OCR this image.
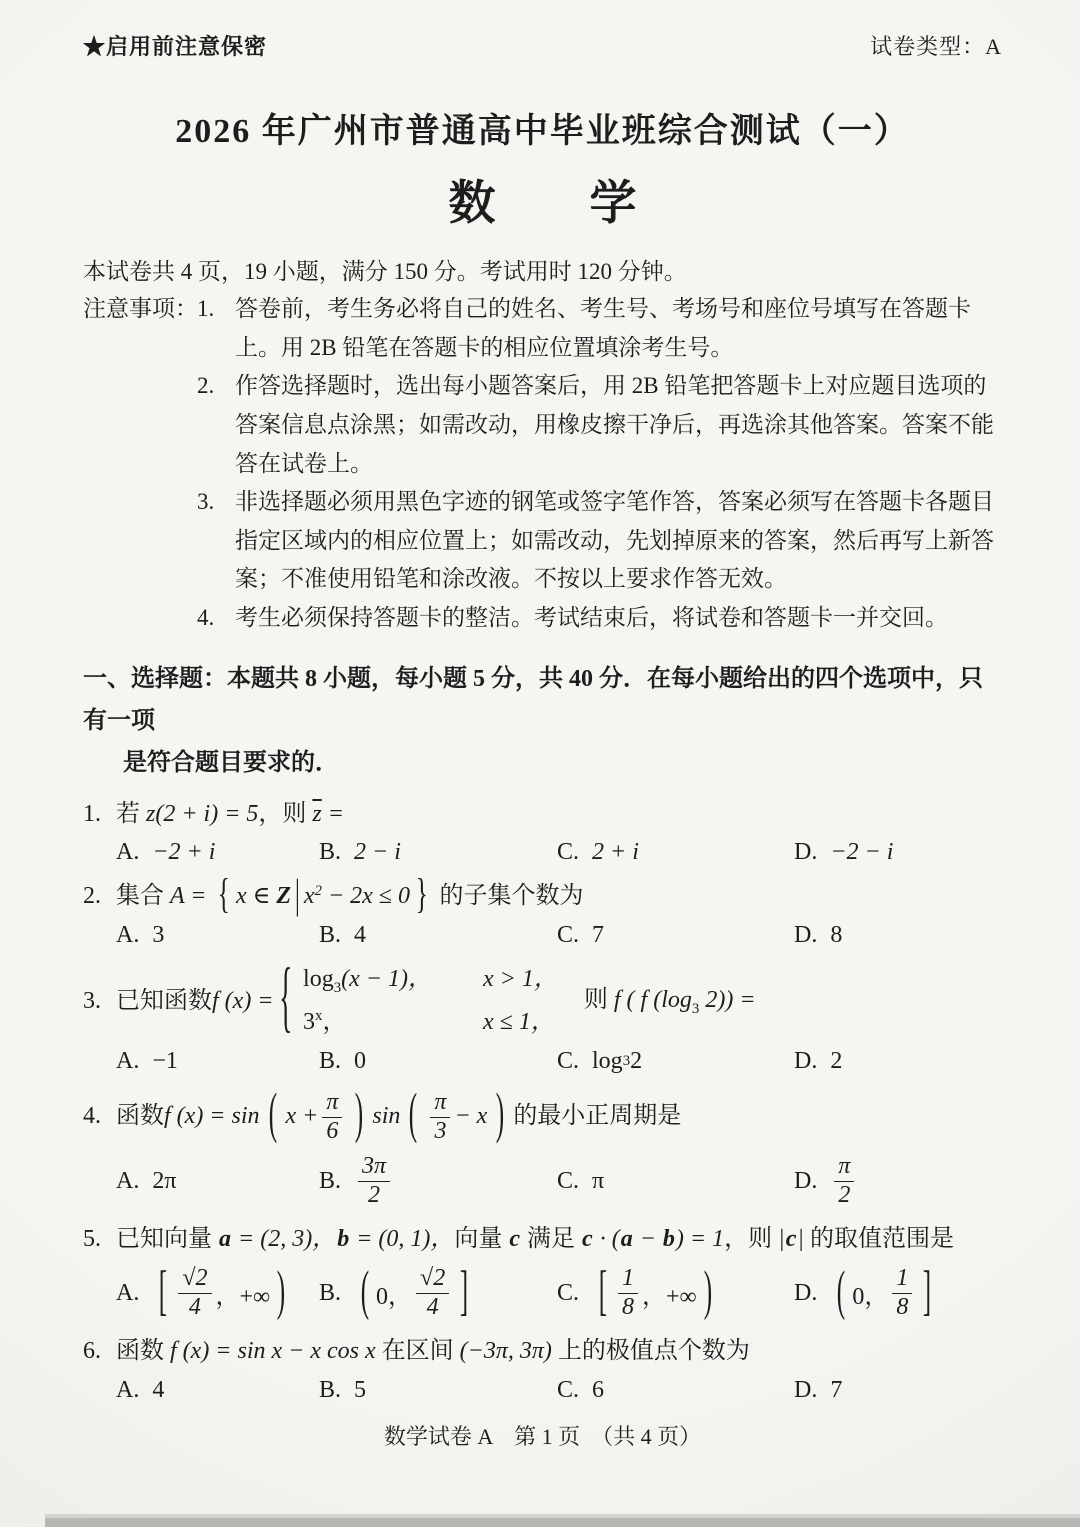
★启用前注意保密	试卷类型：A
2026 年广州市普通高中毕业班综合测试（一）
数　　学
本试卷共 4 页，19 小题，满分 150 分。考试用时 120 分钟。
注意事项： 1. 答卷前，考生务必将自己的姓名、考生号、考场号和座位号填写在答题卡上。用 2B 铅笔在答题卡的相应位置填涂考生号。
2. 作答选择题时，选出每小题答案后，用 2B 铅笔把答题卡上对应题目选项的答案信息点涂黑；如需改动，用橡皮擦干净后，再选涂其他答案。答案不能答在试卷上。
3. 非选择题必须用黑色字迹的钢笔或签字笔作答，答案必须写在答题卡各题目指定区域内的相应位置上；如需改动，先划掉原来的答案，然后再写上新答案；不准使用铅笔和涂改液。不按以上要求作答无效。
4. 考生必须保持答题卡的整洁。考试结束后，将试卷和答题卡一并交回。
一、选择题：本题共 8 小题，每小题 5 分，共 40 分．在每小题给出的四个选项中，只有一项
是符合题目要求的．
1. 若 z(2 + i) = 5，则 $\overline{z}$ =
A. −2 + i	B. 2 − i	C. 2 + i	D. −2 − i
2. 集合 A = { x ∈ Z | $x^2 - 2x \le 0$ } 的子集个数为
A. 3	B. 4	C. 7	D. 8
3. 已知函数 f (x) = { $\log_3(x - 1)$，	x > 1，
3$^x$，	x ≤ 1，
则 f ( f ($\log_3$ 2)) =
A. −1	B. 0	C. log 3 2	D. 2
4. 函数 f (x) = sin ( $x + \frac{\pi}{6}$ ) sin ( $\frac{\pi}{3} - x$ ) 的最小正周期是
A. 2π	B. $\frac{3\pi}{2}$	C. π	D. $\frac{\pi}{2}$
5. 已知向量 a = (2, 3)，b = (0, 1)，向量 c 满足 c · (a − b) = 1，则 |c| 的取值范围是
A. [ $\frac{√2}{4}$ ，+∞ ) B. ( 0， $\frac{√2}{4}$ ]	C. [ $\frac{1}{8}$ ，+∞ )	D. ( 0， $\frac{1}{8}$ ]
6. 函数 f (x) = sin x − x cos x 在区间 (−3π, 3π) 上的极值点个数为
A. 4	B. 5	C. 6	D. 7
数学试卷 A　第 1 页　（共 4 页）
